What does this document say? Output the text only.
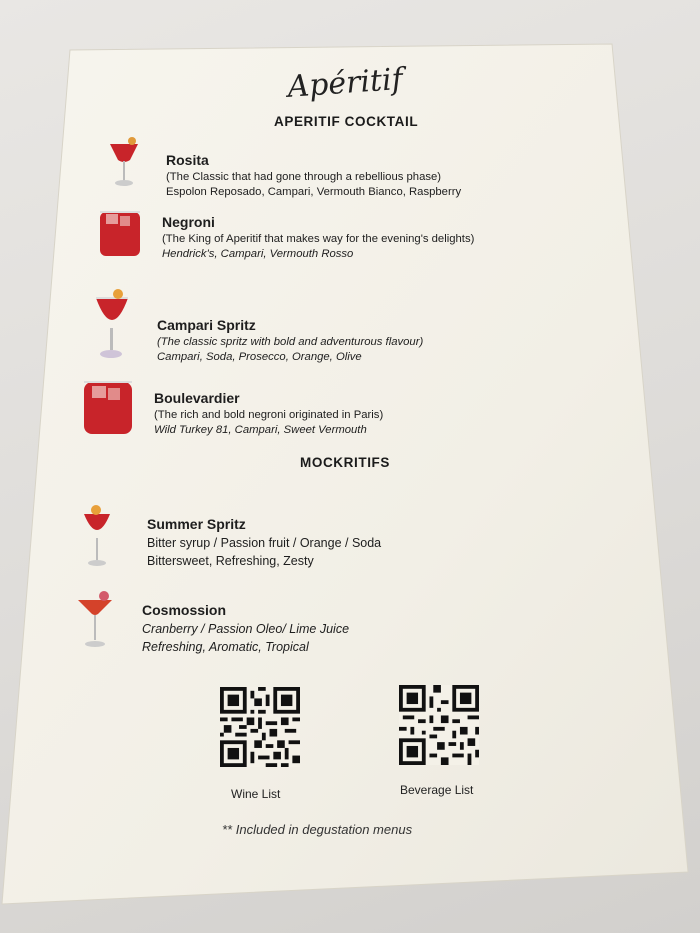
Apéritif
APERITIF COCKTAIL
Rosita
(The Classic that had gone through a rebellious phase)
Espolon Reposado, Campari, Vermouth Bianco, Raspberry
Negroni
(The King of Aperitif that makes way for the evening's delights)
Hendrick's, Campari, Vermouth Rosso
Campari Spritz
(The classic spritz with bold and adventurous flavour)
Campari, Soda, Prosecco, Orange, Olive
Boulevardier
(The rich and bold negroni originated in Paris)
Wild Turkey 81, Campari, Sweet Vermouth
MOCKRITIFS
Summer Spritz
Bitter syrup / Passion fruit / Orange / Soda
Bittersweet, Refreshing, Zesty
Cosmossion
Cranberry / Passion Oleo/ Lime Juice
Refreshing, Aromatic, Tropical
Wine List	Beverage List
** Included in degustation menus
